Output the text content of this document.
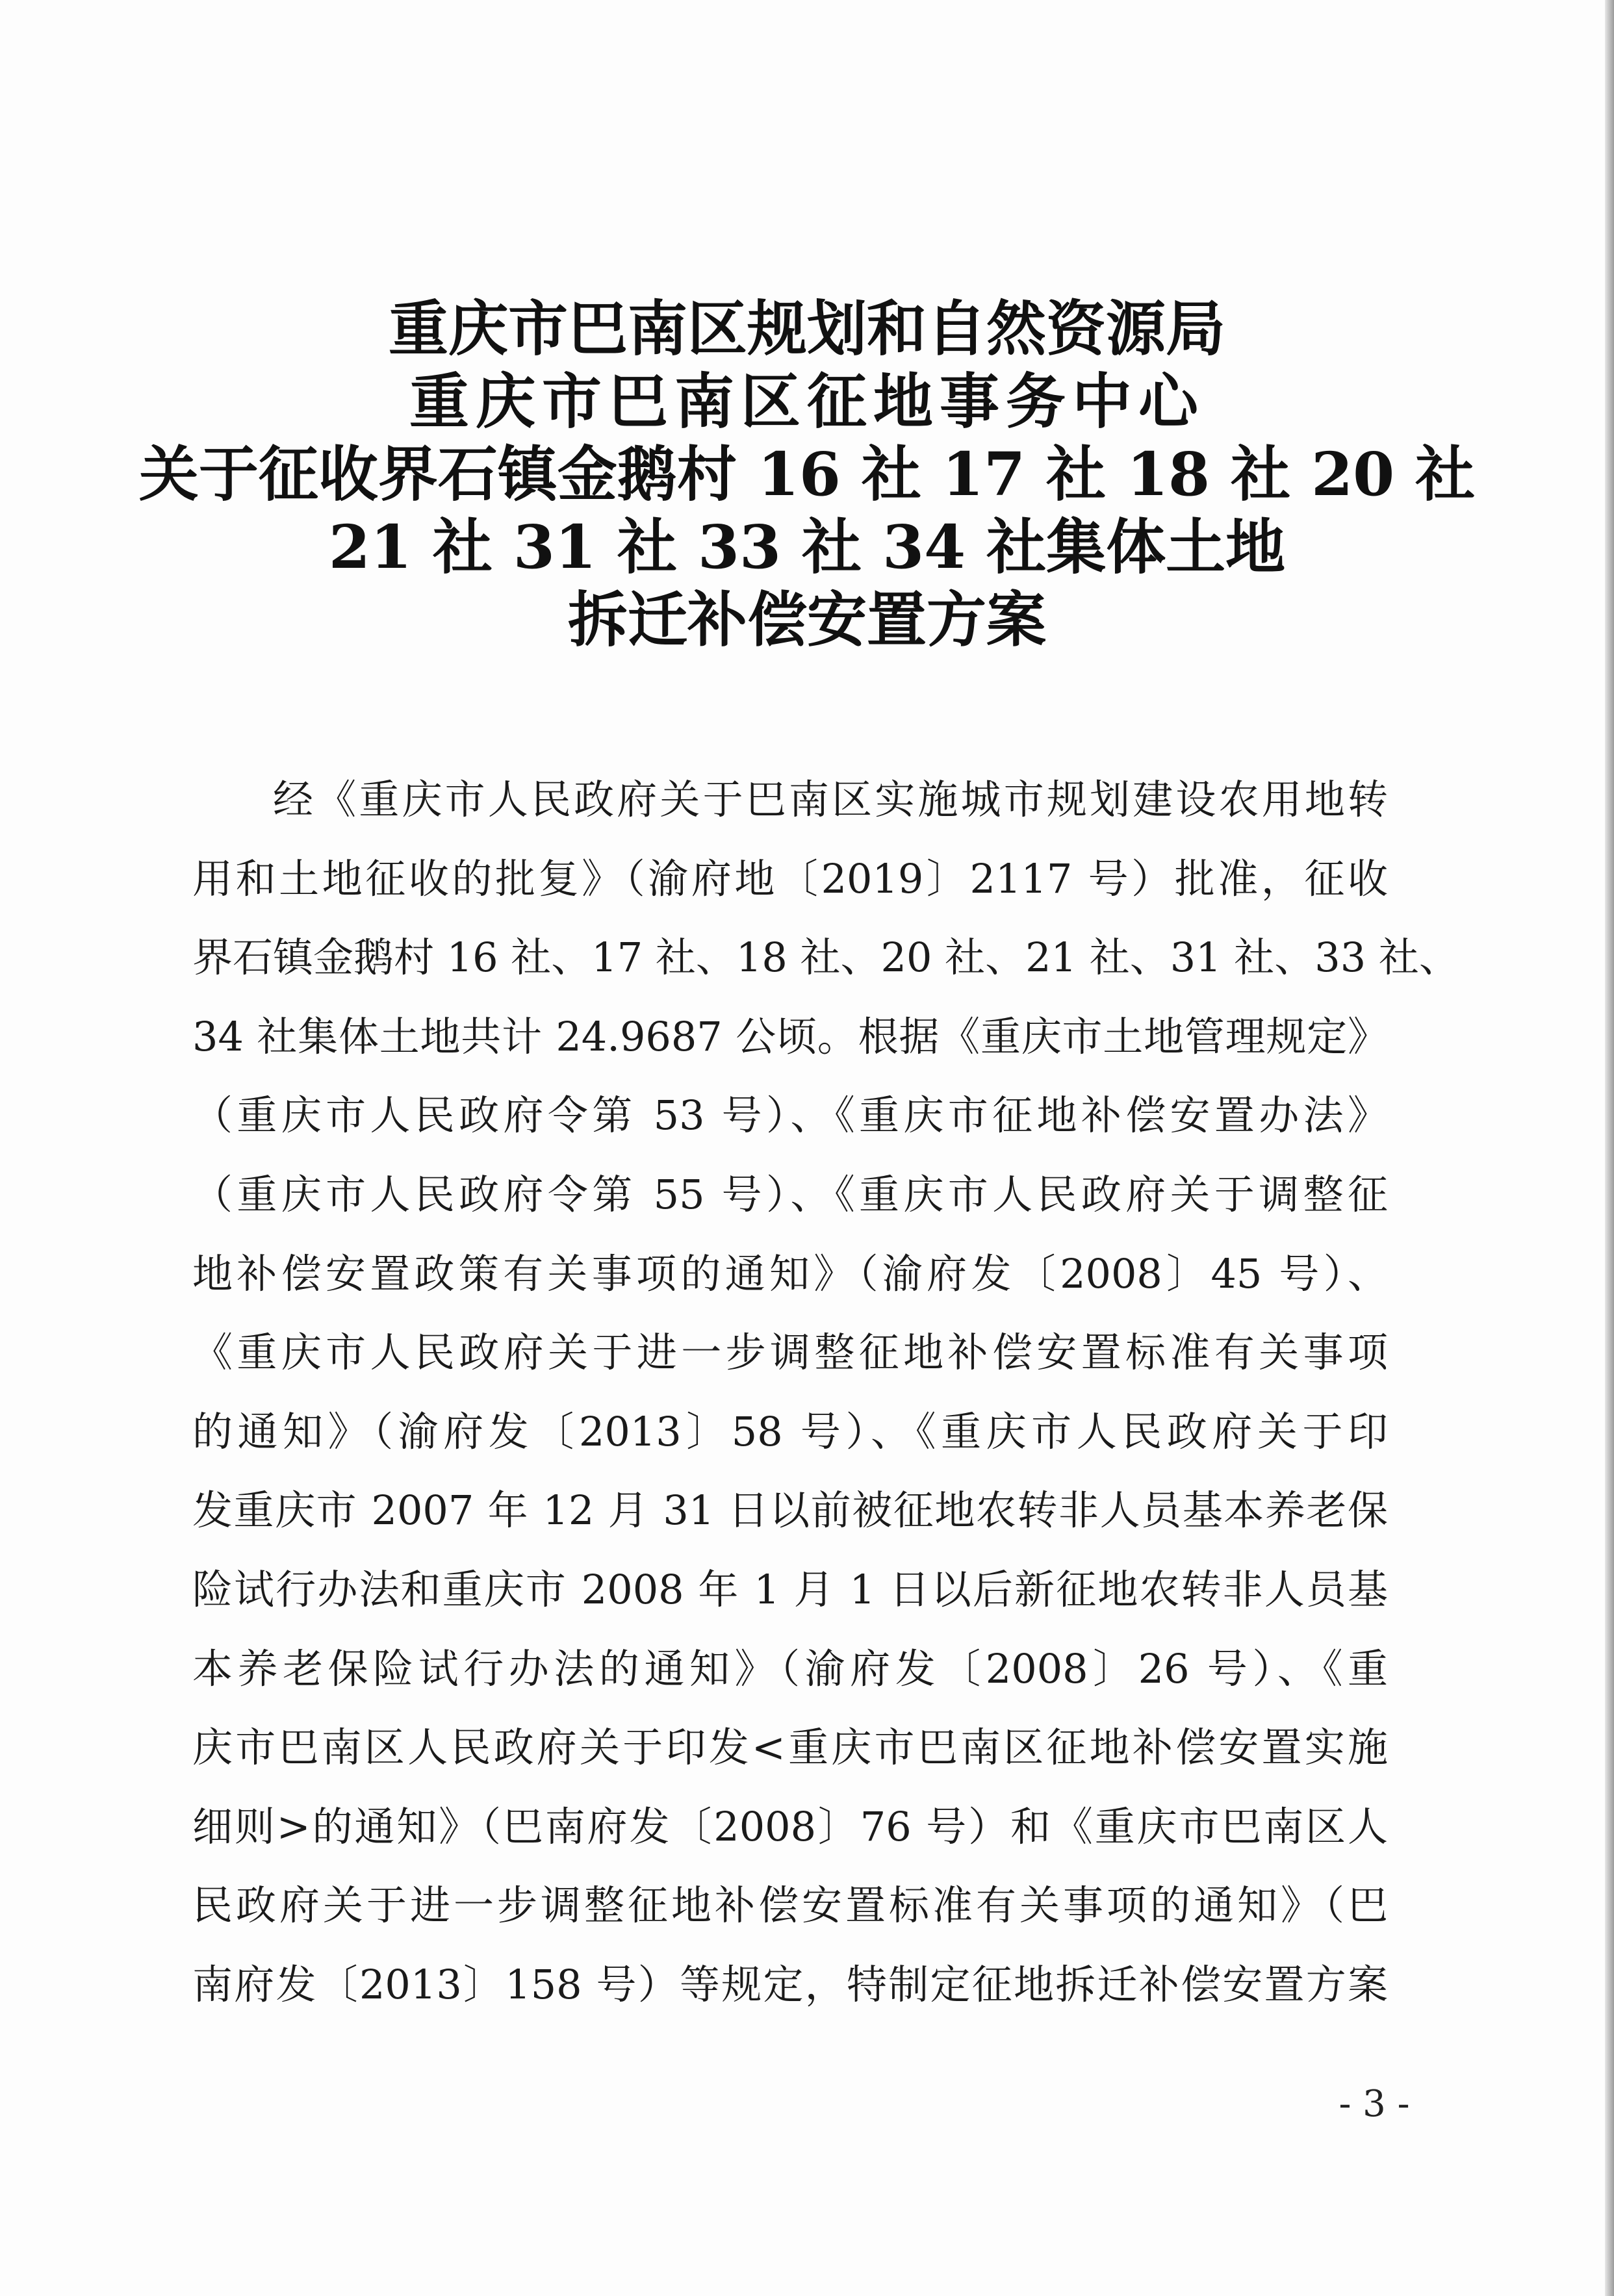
重庆市巴南区规划和自然资源局
重庆市巴南区征地事务中心
关于征收界石镇金鹅村 16 社 17 社 18 社 20 社
21 社 31 社 33 社 34 社集体土地
拆迁补偿安置方案
经《重庆市人民政府关于巴南区实施城市规划建设农用地转
用和土地征收的批复》（渝府地〔2019〕2117 号）批准，征收
界石镇金鹅村 16 社、17 社、18 社、20 社、21 社、31 社、33 社、
34 社集体土地共计 24.9687 公顷。根据《重庆市土地管理规定》
（重庆市人民政府令第 53 号）、《重庆市征地补偿安置办法》
（重庆市人民政府令第 55 号）、《重庆市人民政府关于调整征
地补偿安置政策有关事项的通知》（渝府发〔2008〕45 号）、
《重庆市人民政府关于进一步调整征地补偿安置标准有关事项
的通知》（渝府发〔2013〕58 号）、《重庆市人民政府关于印
发重庆市 2007 年 12 月 31 日以前被征地农转非人员基本养老保
险试行办法和重庆市 2008 年 1 月 1 日以后新征地农转非人员基
本养老保险试行办法的通知》（渝府发〔2008〕26 号）、《重
庆市巴南区人民政府关于印发<重庆市巴南区征地补偿安置实施
细则>的通知》（巴南府发〔2008〕76 号）和《重庆市巴南区人
民政府关于进一步调整征地补偿安置标准有关事项的通知》（巴
南府发〔2013〕158 号）等规定，特制定征地拆迁补偿安置方案
- 3 -
